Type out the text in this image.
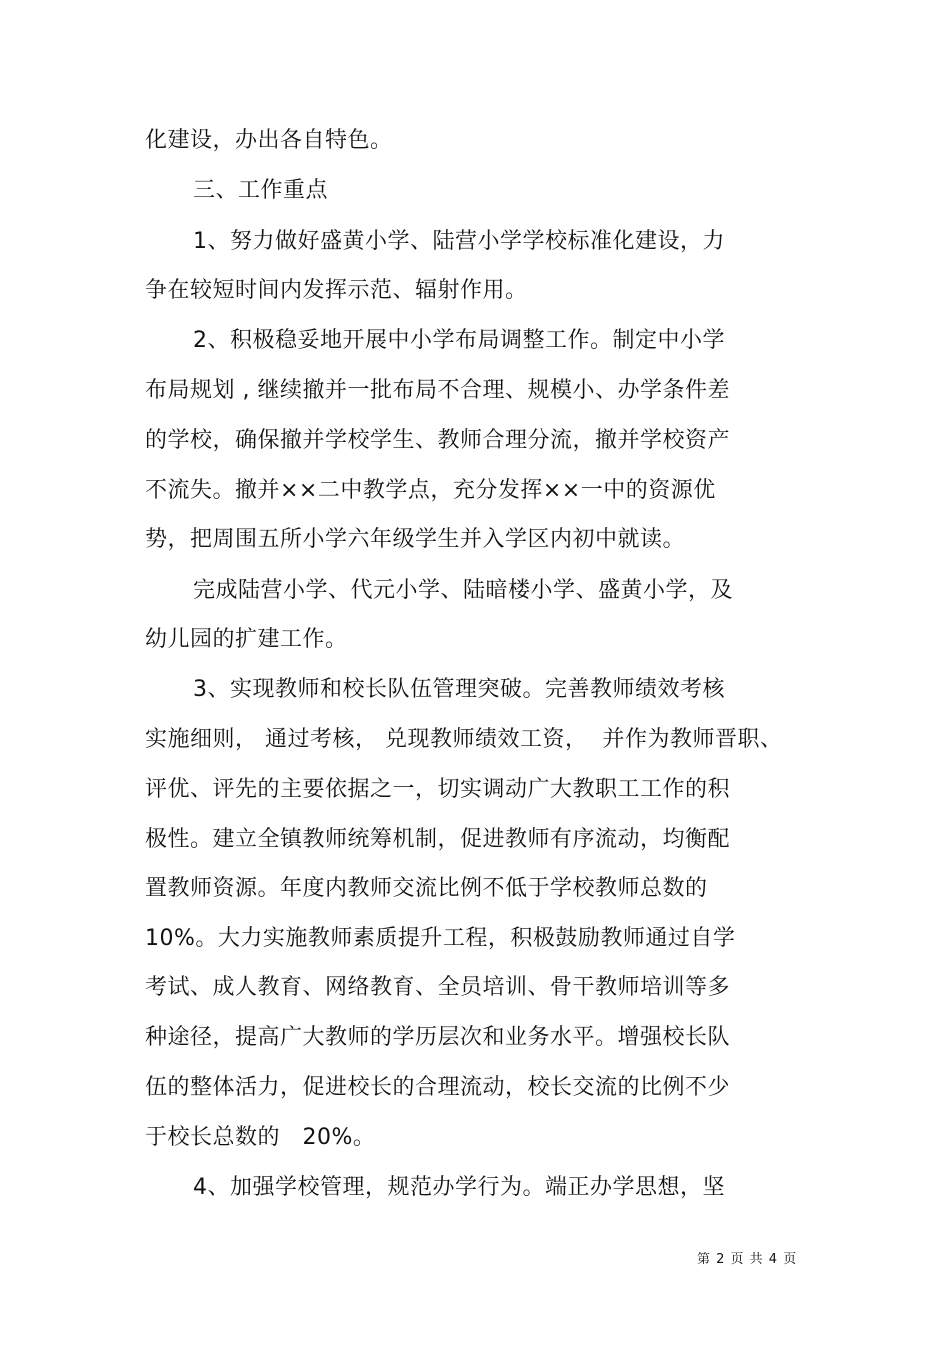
化建设，办出各自特色。
三、工作重点
1、努力做好盛黄小学、陆营小学学校标准化建设，力
争在较短时间内发挥示范、辐射作用。
2、积极稳妥地开展中小学布局调整工作。制定中小学
布局规划 , 继续撤并一批布局不合理、规模小、办学条件差
的学校，确保撤并学校学生、教师合理分流，撤并学校资产
不流失。撤并××二中教学点，充分发挥××一中的资源优
势，把周围五所小学六年级学生并入学区内初中就读。
完成陆营小学、代元小学、陆暗楼小学、盛黄小学，及
幼儿园的扩建工作。
3、实现教师和校长队伍管理突破。完善教师绩效考核
实施细则， 通过考核， 兑现教师绩效工资，  并作为教师晋职、
评优、评先的主要依据之一，切实调动广大教职工工作的积
极性。建立全镇教师统筹机制，促进教师有序流动，均衡配
置教师资源。年度内教师交流比例不低于学校教师总数的
10%。大力实施教师素质提升工程，积极鼓励教师通过自学
考试、成人教育、网络教育、全员培训、骨干教师培训等多
种途径，提高广大教师的学历层次和业务水平。增强校长队
伍的整体活力，促进校长的合理流动，校长交流的比例不少
于校长总数的   20%。
4、加强学校管理，规范办学行为。端正办学思想，坚
第 2 页 共 4 页
